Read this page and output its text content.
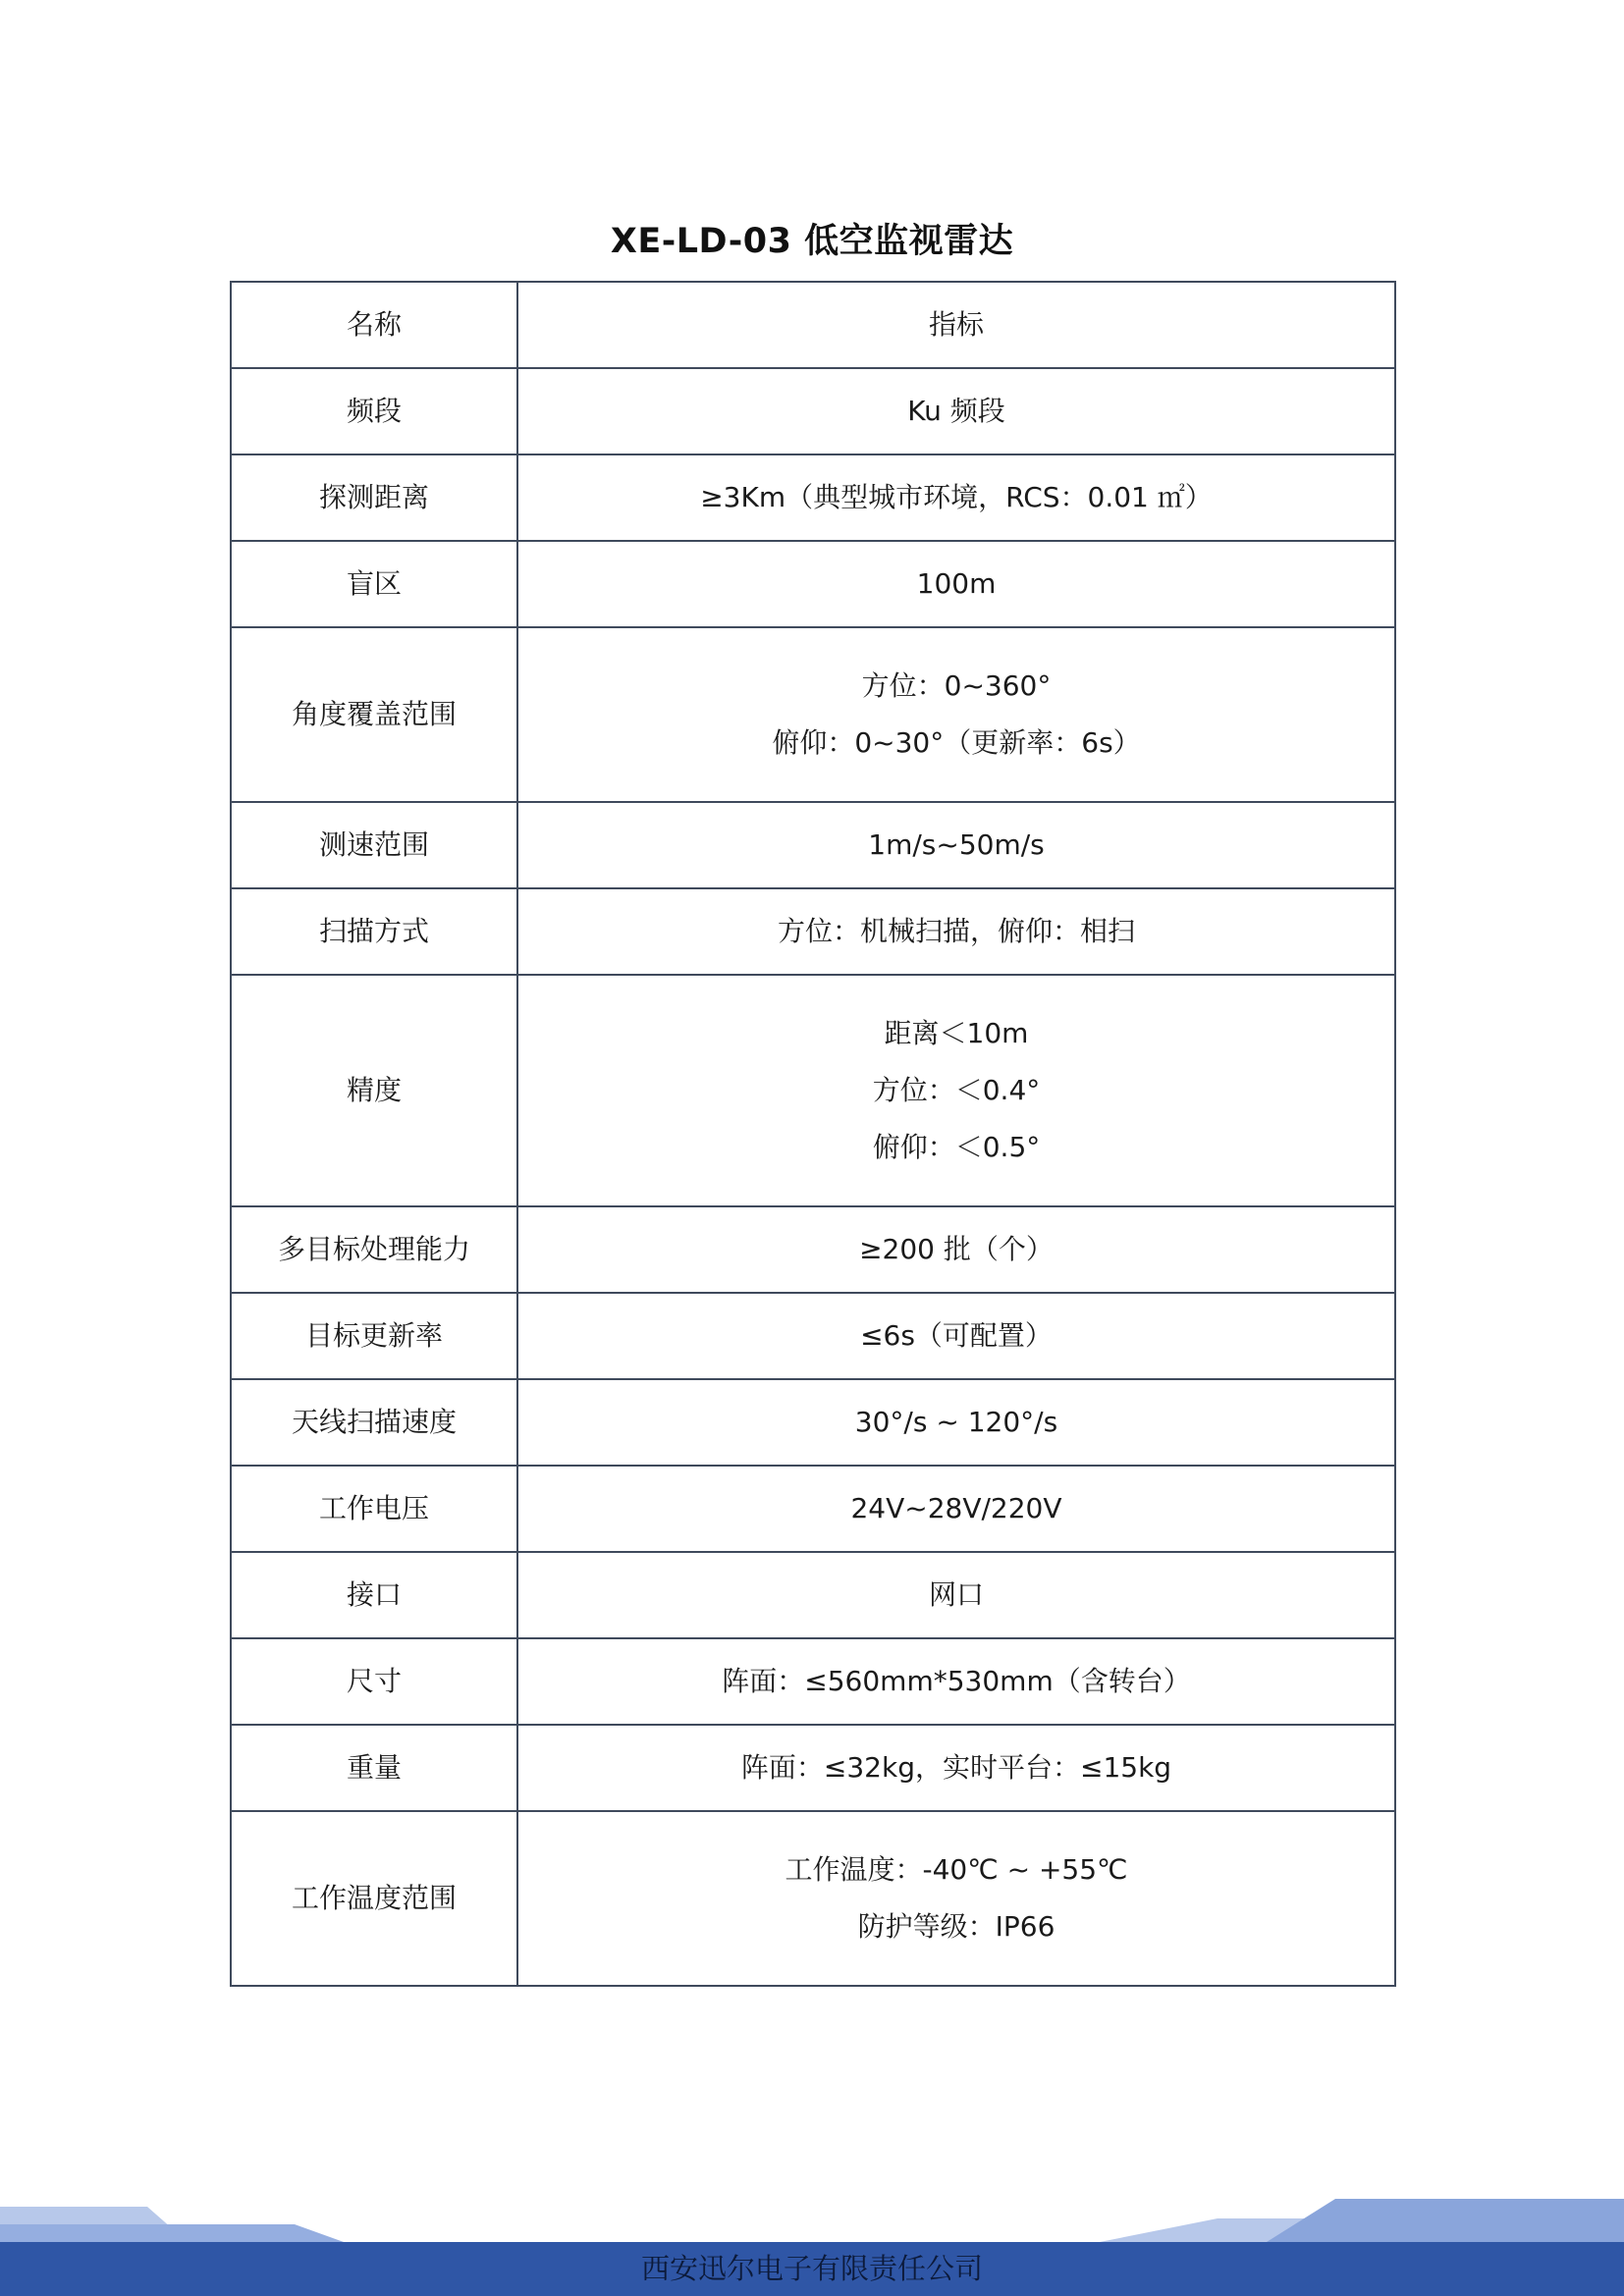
XE-LD-03 低空监视雷达
名称	指标

频段	Ku 频段

探测距离	≥3Km（典型城市环境，RCS：0.01 ㎡）

盲区	100m

角度覆盖范围	方位：0~360°
俯仰：0~30°（更新率：6s）

测速范围	1m/s~50m/s

扫描方式	方位：机械扫描，俯仰：相扫

精度	距离＜10m
方位：＜0.4°
俯仰：＜0.5°

多目标处理能力	≥200 批（个）

目标更新率	≤6s（可配置）

天线扫描速度	30°/s ~ 120°/s

工作电压	24V~28V/220V

接口	网口

尺寸	阵面：≤560mm*530mm（含转台）

重量	阵面：≤32kg，实时平台：≤15kg

工作温度范围	工作温度：-40℃ ~ +55℃
防护等级：IP66
西安迅尔电子有限责任公司
